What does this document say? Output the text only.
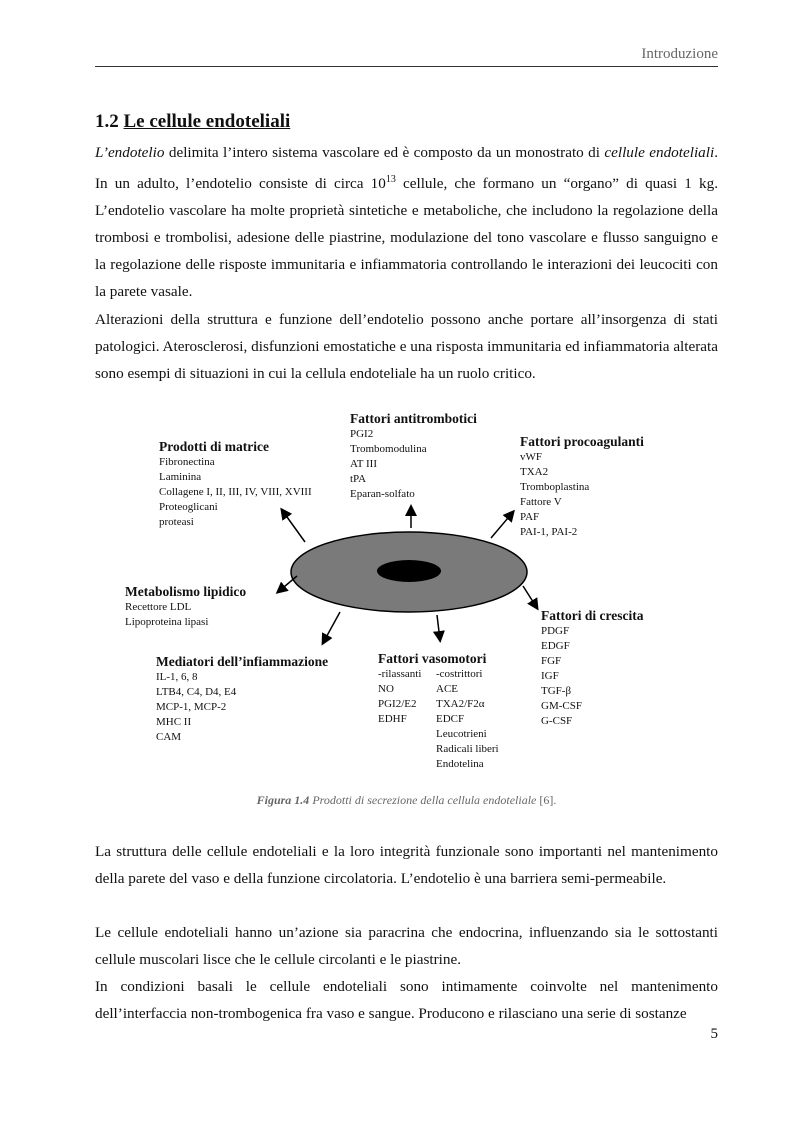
Introduzione
1.2 Le cellule endoteliali
L’endotelio delimita l’intero sistema vascolare ed è composto da un monostrato di cellule endoteliali. In un adulto, l’endotelio consiste di circa $10^{13}$ cellule, che formano un “organo” di quasi 1 kg. L’endotelio vascolare ha molte proprietà sintetiche e metaboliche, che includono la regolazione della trombosi e trombolisi, adesione delle piastrine, modulazione del tono vascolare e flusso sanguigno e la regolazione delle risposte immunitaria e infiammatoria controllando le interazioni dei leucociti con la parete vasale.
Alterazioni della struttura e funzione dell’endotelio possono anche portare all’insorgenza di stati patologici. Aterosclerosi, disfunzioni emostatiche e una risposta immunitaria ed infiammatoria alterata sono esempi di situazioni in cui la cellula endoteliale ha un ruolo critico.
Fattori antitrombotici
PGI2
Trombomodulina
AT III
tPA
Eparan-solfato
Prodotti di matrice
Fibronectina
Laminina
Collagene I, II, III, IV, VIII, XVIII
Proteoglicani
proteasi
Fattori procoagulanti
vWF
TXA2
Tromboplastina
Fattore V
PAF
PAI-1, PAI-2
Metabolismo lipidico
Recettore LDL
Lipoproteina lipasi	Fattori di crescita
PDGF
EDGF
FGF
IGF
TGF-β
GM-CSF
G-CSF
Mediatori dell’infiammazione
IL-1, 6, 8
LTB4, C4, D4, E4
MCP-1, MCP-2
MHC II
CAM
Fattori vasomotori
-rilassanti
NO
PGI2/E2
EDHF
-costrittori
ACE
TXA2/F2α
EDCF
Leucotrieni
Radicali liberi
Endotelina
Figura 1.4 Prodotti di secrezione della cellula endoteliale [6].
La struttura delle cellule endoteliali e la loro integrità funzionale sono importanti nel mantenimento della parete del vaso e della funzione circolatoria. L’endotelio è una barriera semi-permeabile.
Le cellule endoteliali hanno un’azione sia paracrina che endocrina, influenzando sia le sottostanti cellule muscolari lisce che le cellule circolanti e le piastrine.
In condizioni basali le cellule endoteliali sono intimamente coinvolte nel mantenimento dell’interfaccia non-trombogenica fra vaso e sangue. Producono e rilasciano una serie di sostanze
5
